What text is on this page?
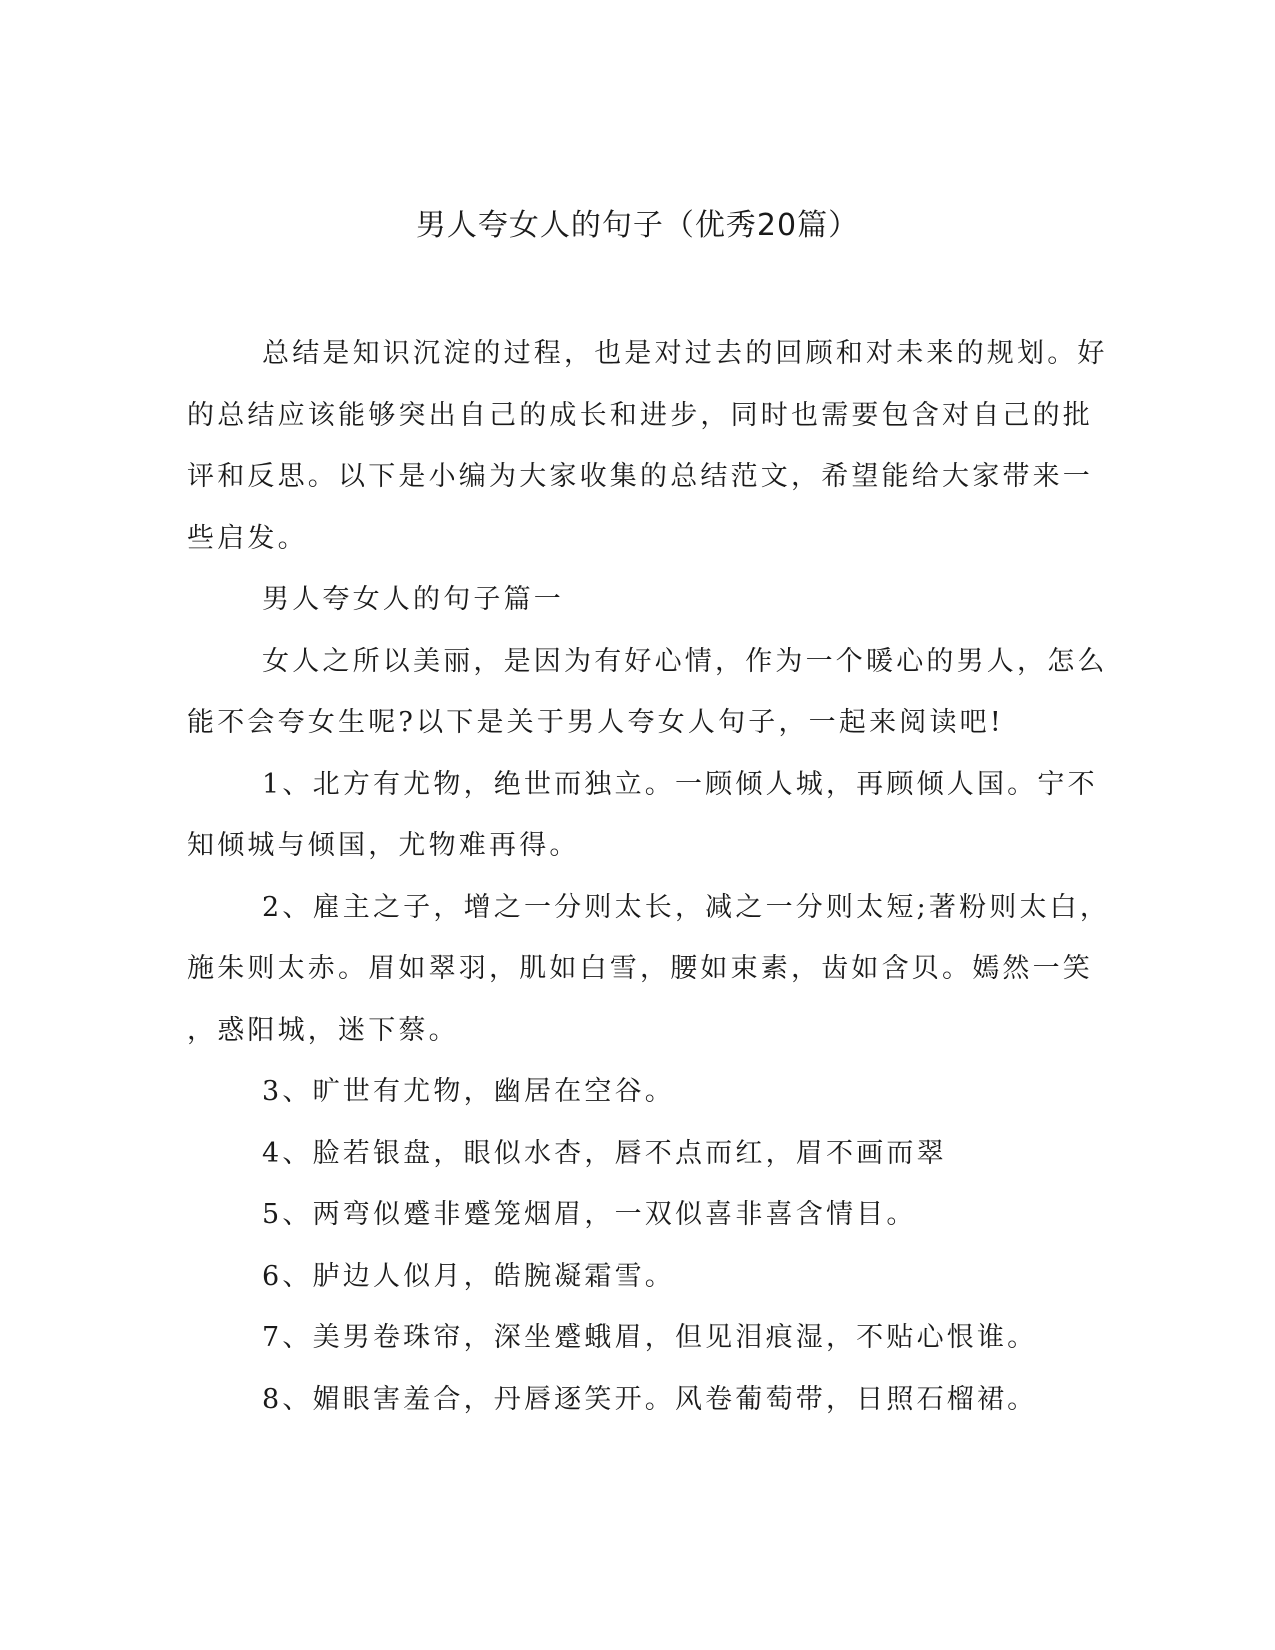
男人夸女人的句子（优秀20篇）

总结是知识沉淀的过程，也是对过去的回顾和对未来的规划。好
的总结应该能够突出自己的成长和进步，同时也需要包含对自己的批
评和反思。以下是小编为大家收集的总结范文，希望能给大家带来一
些启发。

男人夸女人的句子篇一

女人之所以美丽，是因为有好心情，作为一个暖心的男人，怎么
能不会夸女生呢?以下是关于男人夸女人句子，一起来阅读吧!

1、北方有尤物，绝世而独立。一顾倾人城，再顾倾人国。宁不
知倾城与倾国，尤物难再得。

2、雇主之子，增之一分则太长，减之一分则太短;著粉则太白，
施朱则太赤。眉如翠羽，肌如白雪，腰如束素，齿如含贝。嫣然一笑
，惑阳城，迷下蔡。

3、旷世有尤物，幽居在空谷。

4、脸若银盘，眼似水杏，唇不点而红，眉不画而翠

5、两弯似蹙非蹙笼烟眉，一双似喜非喜含情目。

6、胪边人似月，皓腕凝霜雪。

7、美男卷珠帘，深坐蹙蛾眉，但见泪痕湿，不贴心恨谁。

8、媚眼害羞合，丹唇逐笑开。风卷葡萄带，日照石榴裙。
